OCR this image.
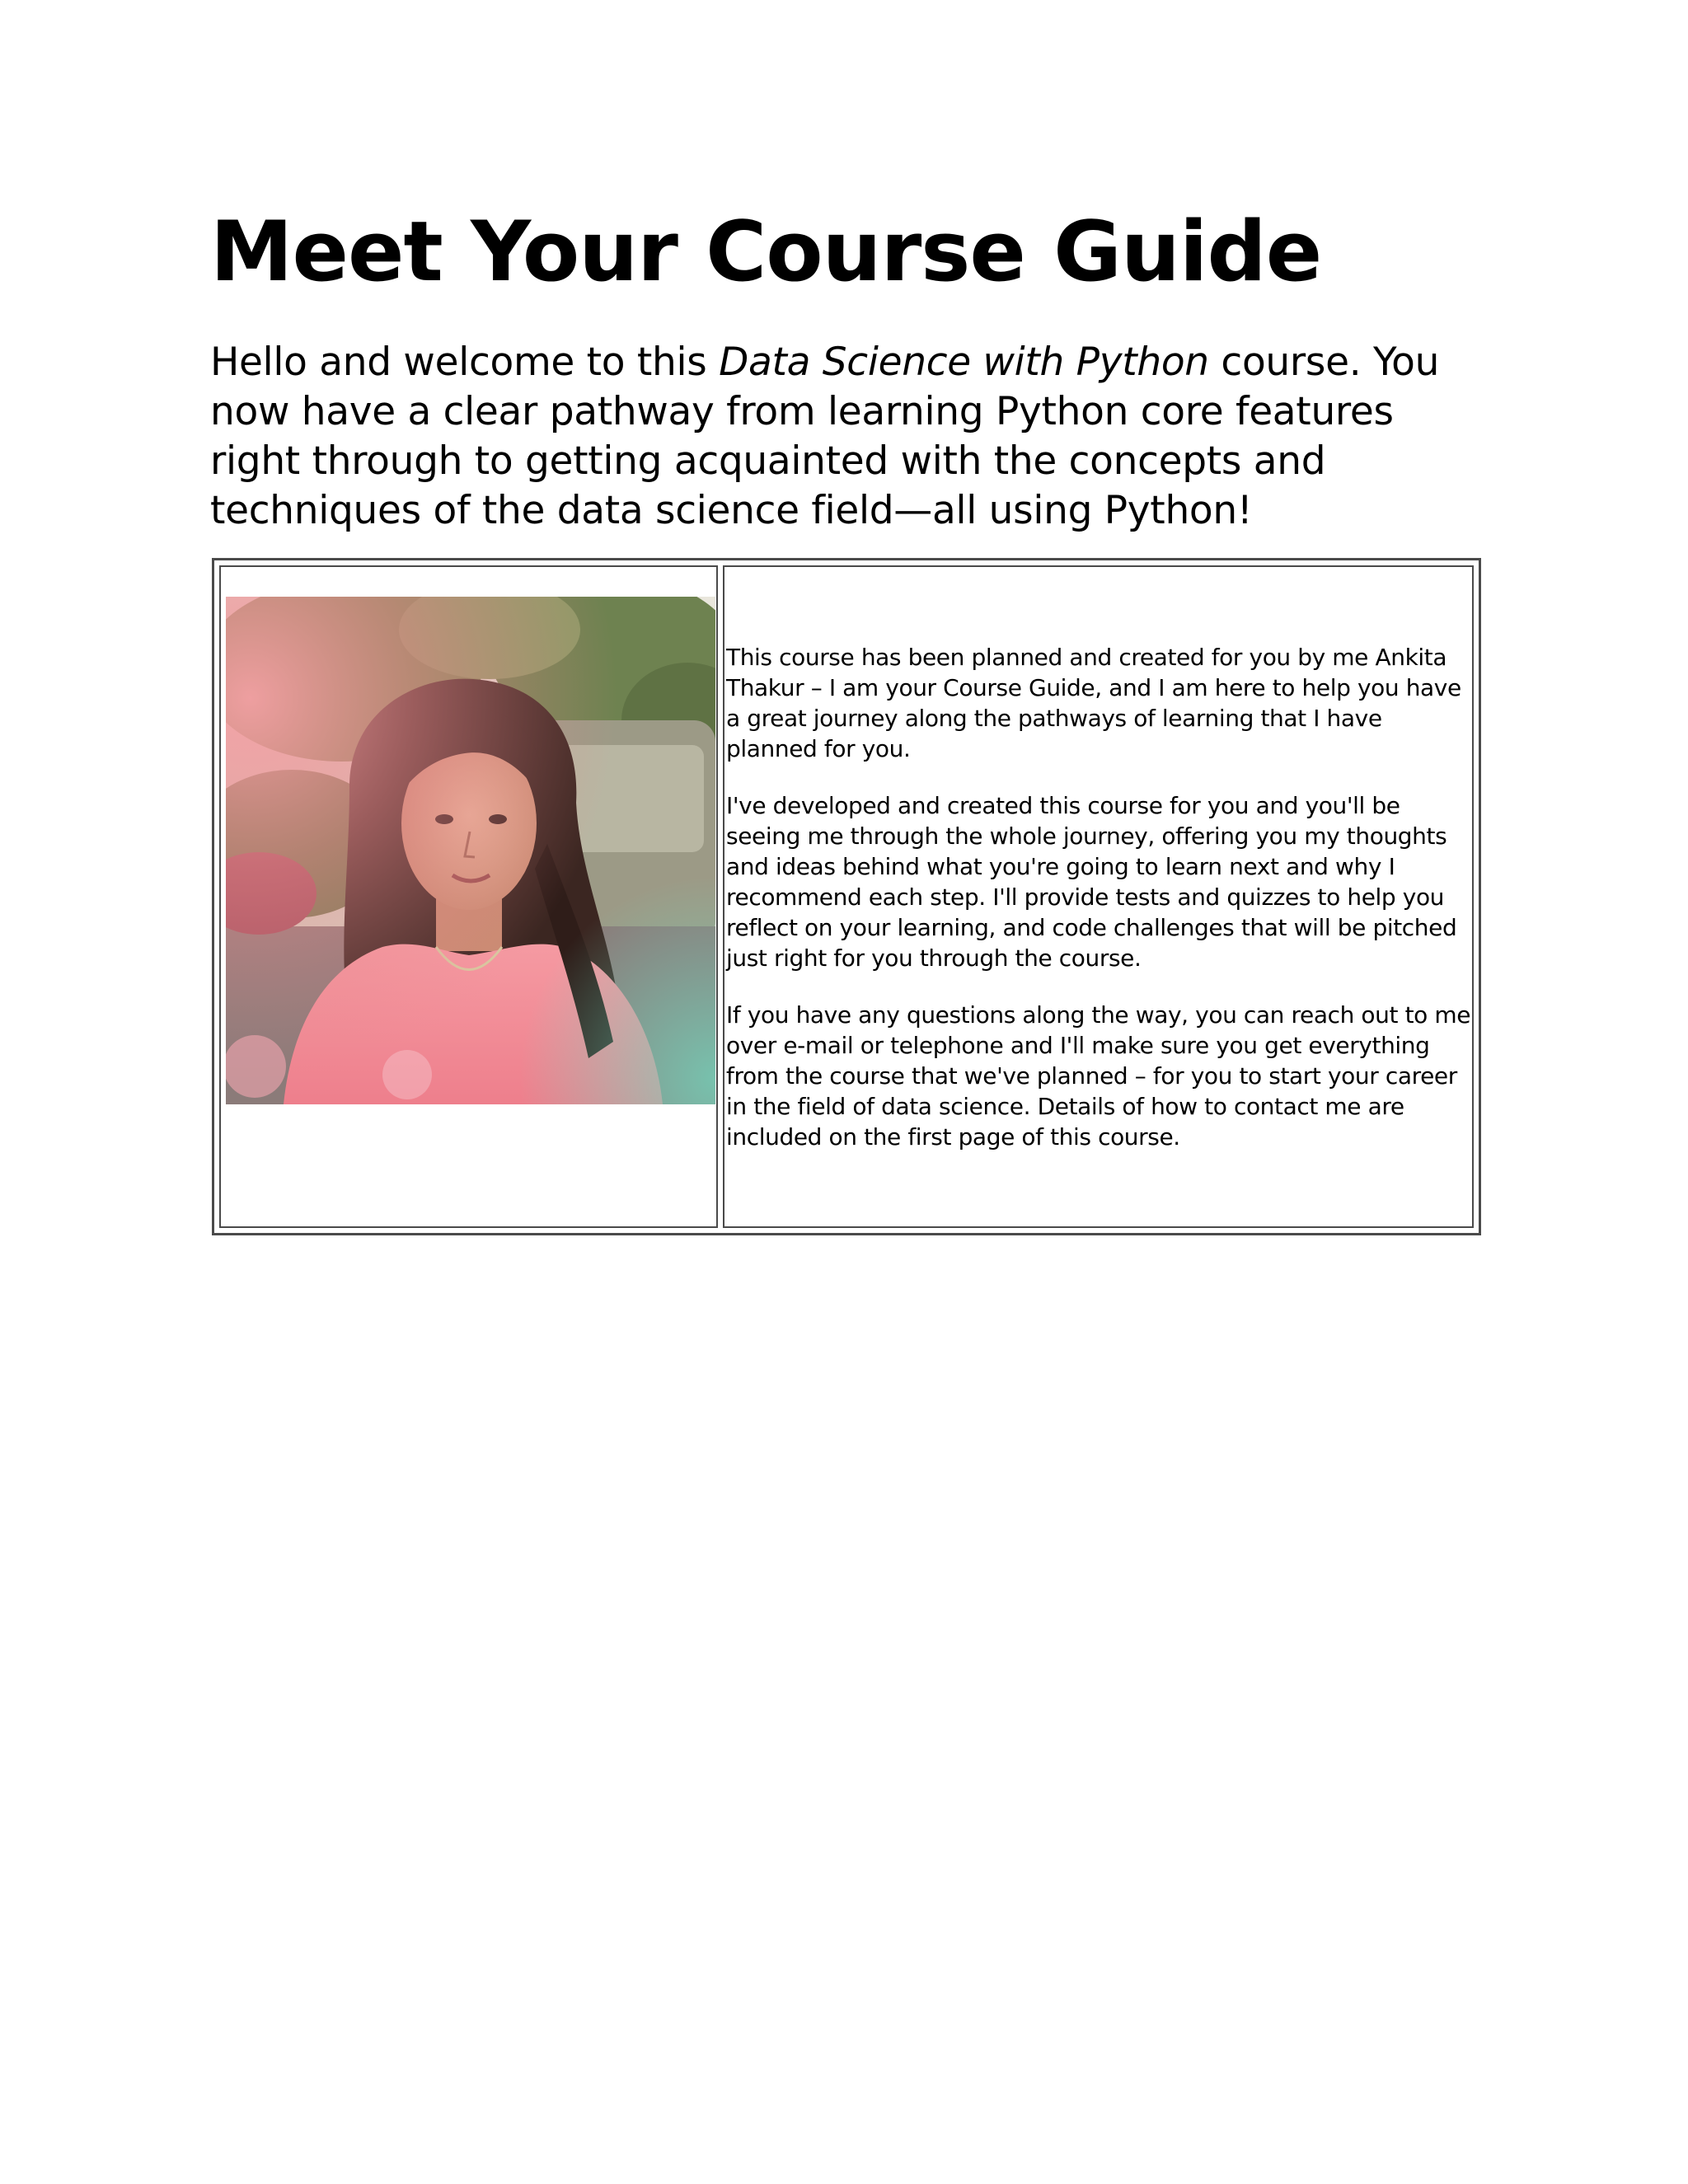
Meet Your Course Guide

Hello and welcome to this Data Science with Python course. You now have a clear pathway from learning Python core features right through to getting acquainted with the concepts and techniques of the data science field—all using Python!

This course has been planned and created for you by me Ankita Thakur – I am your Course Guide, and I am here to help you have a great journey along the pathways of learning that I have planned for you.

I've developed and created this course for you and you'll be seeing me through the whole journey, offering you my thoughts and ideas behind what you're going to learn next and why I recommend each step. I'll provide tests and quizzes to help you reflect on your learning, and code challenges that will be pitched just right for you through the course.

If you have any questions along the way, you can reach out to me over e-mail or telephone and I'll make sure you get everything from the course that we've planned – for you to start your career in the field of data science. Details of how to contact me are included on the first page of this course.
